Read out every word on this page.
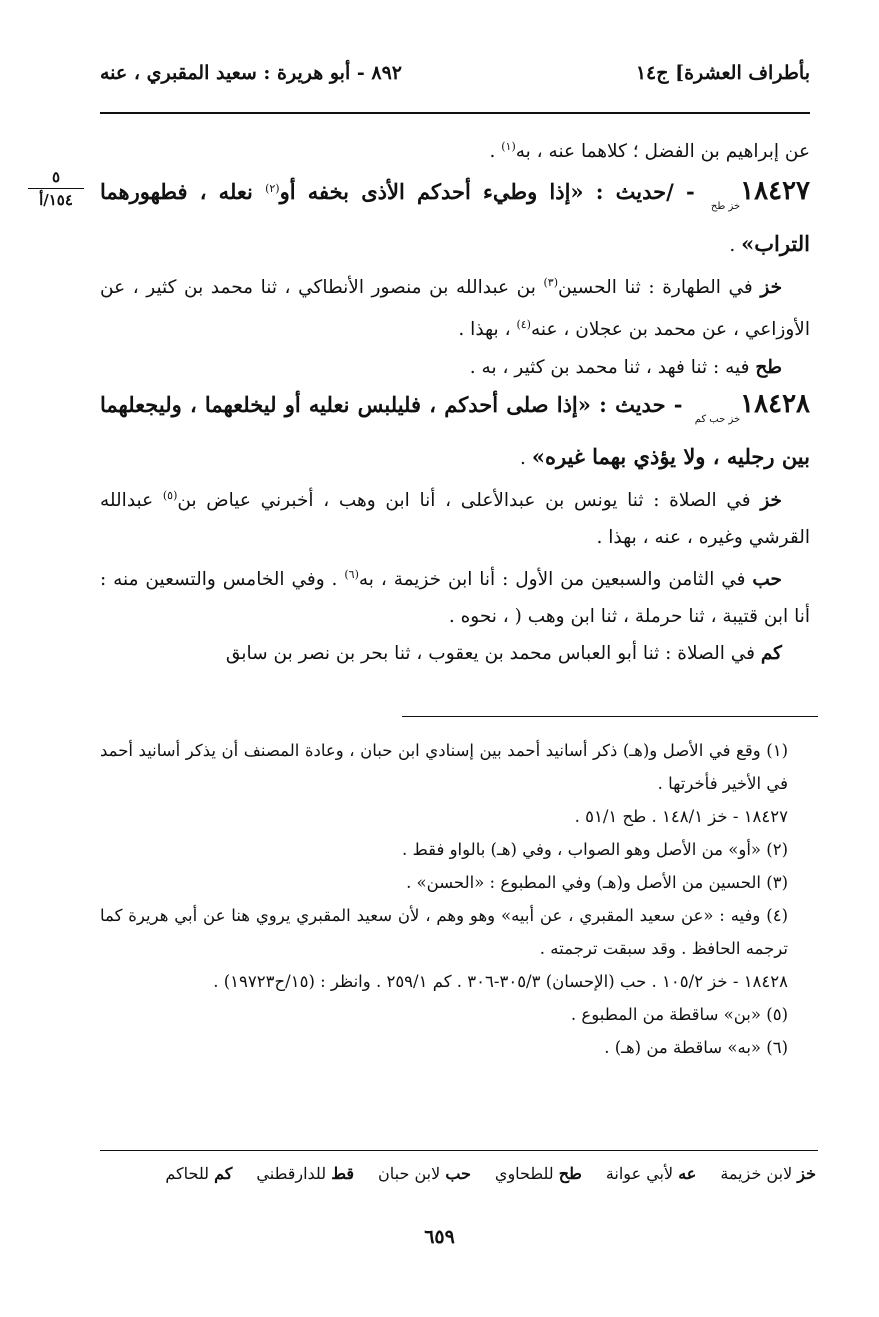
بأطراف العشرة] ج١٤
٨٩٢ - أبو هريرة : سعيد المقبري ، عنه
٥
١٥٤/أ

عن إبراهيم بن الفضل ؛ كلاهما عنه ، به$^{(١)}$ .

١٨٤٢٧خز طح - /حديث : «إذا وطيء أحدكم الأذى بخفه أو$^{(٢)}$ نعله ، فطهورهما التراب» .

خز في الطهارة : ثنا الحسين$^{(٣)}$ بن عبدالله بن منصور الأنطاكي ، ثنا محمد بن كثير ، عن الأوزاعي ، عن محمد بن عجلان ، عنه$^{(٤)}$ ، بهذا .

طح فيه : ثنا فهد ، ثنا محمد بن كثير ، به .

١٨٤٢٨خز حب كم - حديث : «إذا صلى أحدكم ، فليلبس نعليه أو ليخلعهما ، وليجعلهما بين رجليه ، ولا يؤذي بهما غيره» .

خز في الصلاة : ثنا يونس بن عبدالأعلى ، أنا ابن وهب ، أخبرني عياض بن$^{(٥)}$ عبدالله القرشي وغيره ، عنه ، بهذا .

حب في الثامن والسبعين من الأول : أنا ابن خزيمة ، به$^{(٦)}$ . وفي الخامس والتسعين منه : أنا ابن قتيبة ، ثنا حرملة ، ثنا ابن وهب ( ، نحوه .

كم في الصلاة : ثنا أبو العباس محمد بن يعقوب ، ثنا بحر بن نصر بن سابق

(١) وقع في الأصل و(هـ) ذكر أسانيد أحمد بين إسنادي ابن حبان ، وعادة المصنف أن يذكر أسانيد أحمد في الأخير فأخرتها .

١٨٤٢٧ - خز ١٤٨/١ . طح ٥١/١ .

(٢) «أو» من الأصل وهو الصواب ، وفي (هـ) بالواو فقط .

(٣) الحسين من الأصل و(هـ) وفي المطبوع : «الحسن» .

(٤) وفيه : «عن سعيد المقبري ، عن أبيه» وهو وهم ، لأن سعيد المقبري يروي هنا عن أبي هريرة كما ترجمه الحافظ . وقد سبقت ترجمته .

١٨٤٢٨ - خز ١٠٥/٢ . حب (الإحسان) ٣٠٥/٣-٣٠٦ . كم ٢٥٩/١ . وانظر : (١٥/ح١٩٧٢٣) .

(٥) «بن» ساقطة من المطبوع .

(٦) «به» ساقطة من (هـ) .

خز لابن خزيمة
عه لأبي عوانة
طح للطحاوي
حب لابن حبان
قط للدارقطني
كم للحاكم
٦٥٩
